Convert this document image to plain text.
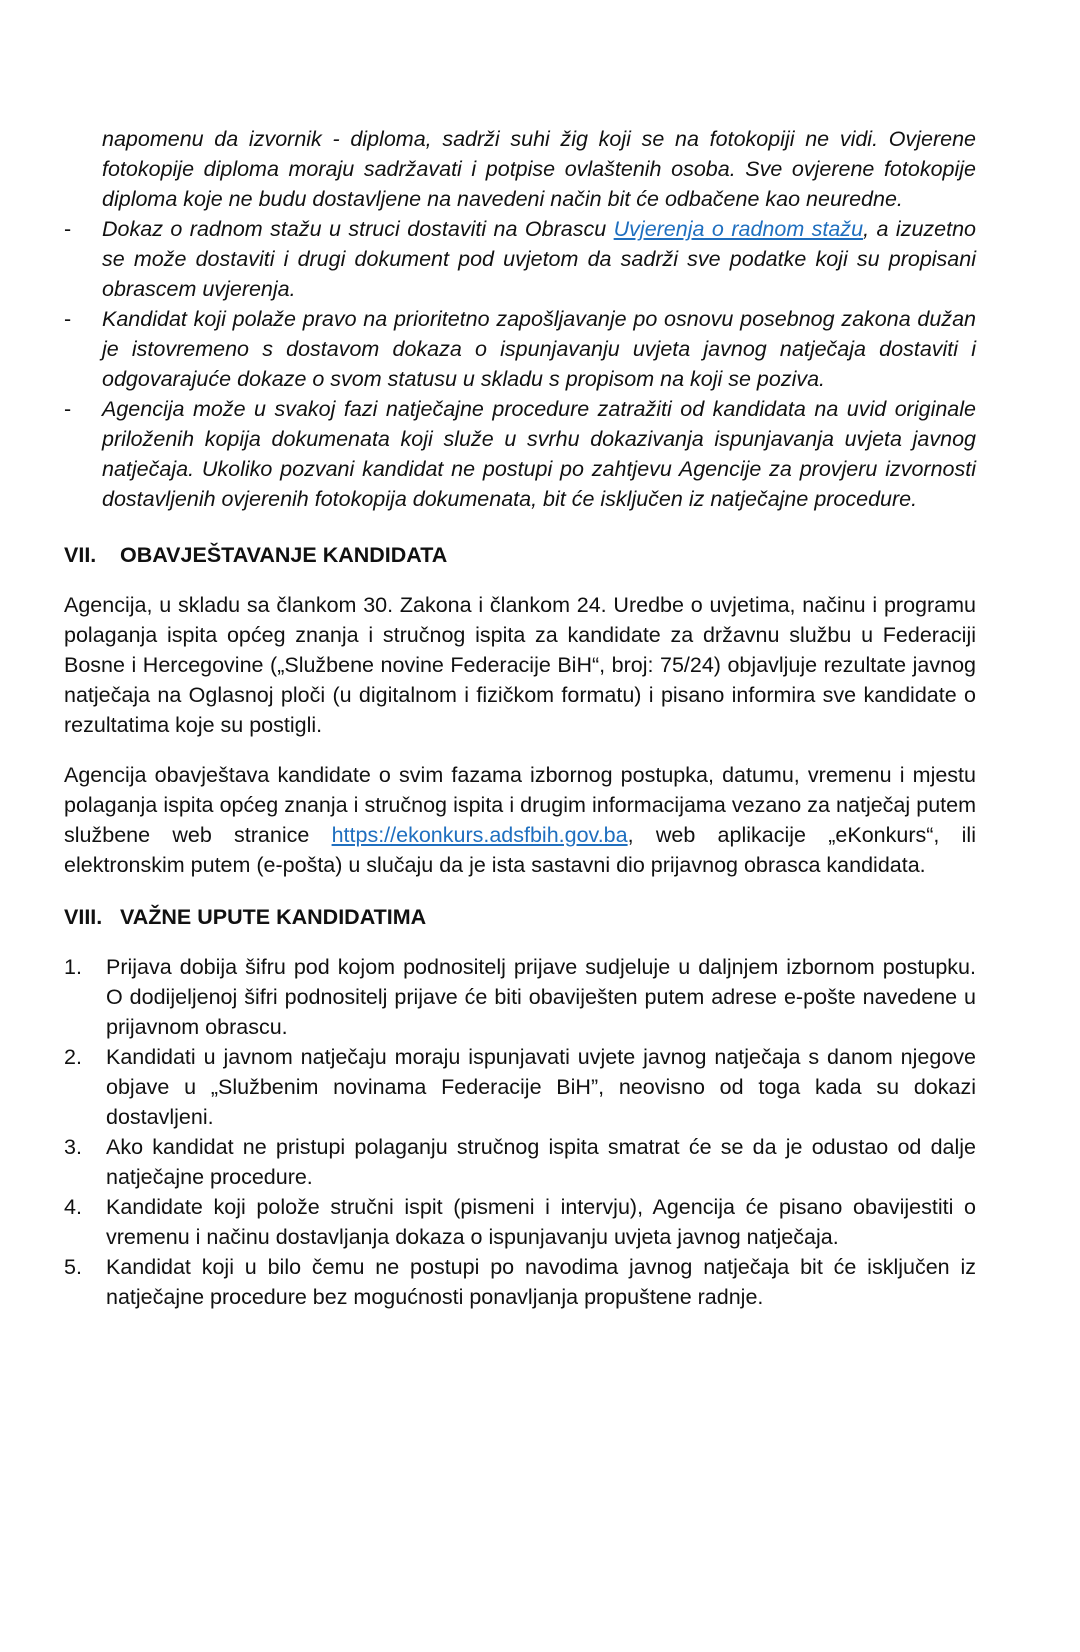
napomenu da izvornik - diploma, sadrži suhi žig koji se na fotokopiji ne vidi. Ovjerene fotokopije diploma moraju sadržavati i potpise ovlaštenih osoba. Sve ovjerene fotokopije diploma koje ne budu dostavljene na navedeni način bit će odbačene kao neuredne.

- Dokaz o radnom stažu u struci dostaviti na Obrascu Uvjerenja o radnom stažu, a izuzetno se može dostaviti i drugi dokument pod uvjetom da sadrži sve podatke koji su propisani obrascem uvjerenja.
- Kandidat koji polaže pravo na prioritetno zapošljavanje po osnovu posebnog zakona dužan je istovremeno s dostavom dokaza o ispunjavanju uvjeta javnog natječaja dostaviti i odgovarajuće dokaze o svom statusu u skladu s propisom na koji se poziva.
- Agencija može u svakoj fazi natječajne procedure zatražiti od kandidata na uvid originale priloženih kopija dokumenata koji služe u svrhu dokazivanja ispunjavanja uvjeta javnog natječaja. Ukoliko pozvani kandidat ne postupi po zahtjevu Agencije za provjeru izvornosti dostavljenih ovjerenih fotokopija dokumenata, bit će isključen iz natječajne procedure.
VII. OBAVJEŠTAVANJE KANDIDATA

Agencija, u skladu sa člankom 30. Zakona i člankom 24. Uredbe o uvjetima, načinu i programu polaganja ispita općeg znanja i stručnog ispita za kandidate za državnu službu u Federaciji Bosne i Hercegovine („Službene novine Federacije BiH“, broj: 75/24) objavljuje rezultate javnog natječaja na Oglasnoj ploči (u digitalnom i fizičkom formatu) i pisano informira sve kandidate o rezultatima koje su postigli.

Agencija obavještava kandidate o svim fazama izbornog postupka, datumu, vremenu i mjestu polaganja ispita općeg znanja i stručnog ispita i drugim informacijama vezano za natječaj putem službene web stranice https://ekonkurs.adsfbih.gov.ba, web aplikacije „eKonkurs“, ili elektronskim putem (e-pošta) u slučaju da je ista sastavni dio prijavnog obrasca kandidata.

VIII. VAŽNE UPUTE KANDIDATIMA
1. Prijava dobija šifru pod kojom podnositelj prijave sudjeluje u daljnjem izbornom postupku. O dodijeljenoj šifri podnositelj prijave će biti obaviješten putem adrese e-pošte navedene u prijavnom obrascu.
2. Kandidati u javnom natječaju moraju ispunjavati uvjete javnog natječaja s danom njegove objave u „Službenim novinama Federacije BiH”, neovisno od toga kada su dokazi dostavljeni.
3. Ako kandidat ne pristupi polaganju stručnog ispita smatrat će se da je odustao od dalje natječajne procedure.
4. Kandidate koji polože stručni ispit (pismeni i intervju), Agencija će pisano obavijestiti o vremenu i načinu dostavljanja dokaza o ispunjavanju uvjeta javnog natječaja.
5. Kandidat koji u bilo čemu ne postupi po navodima javnog natječaja bit će isključen iz natječajne procedure bez mogućnosti ponavljanja propuštene radnje.
